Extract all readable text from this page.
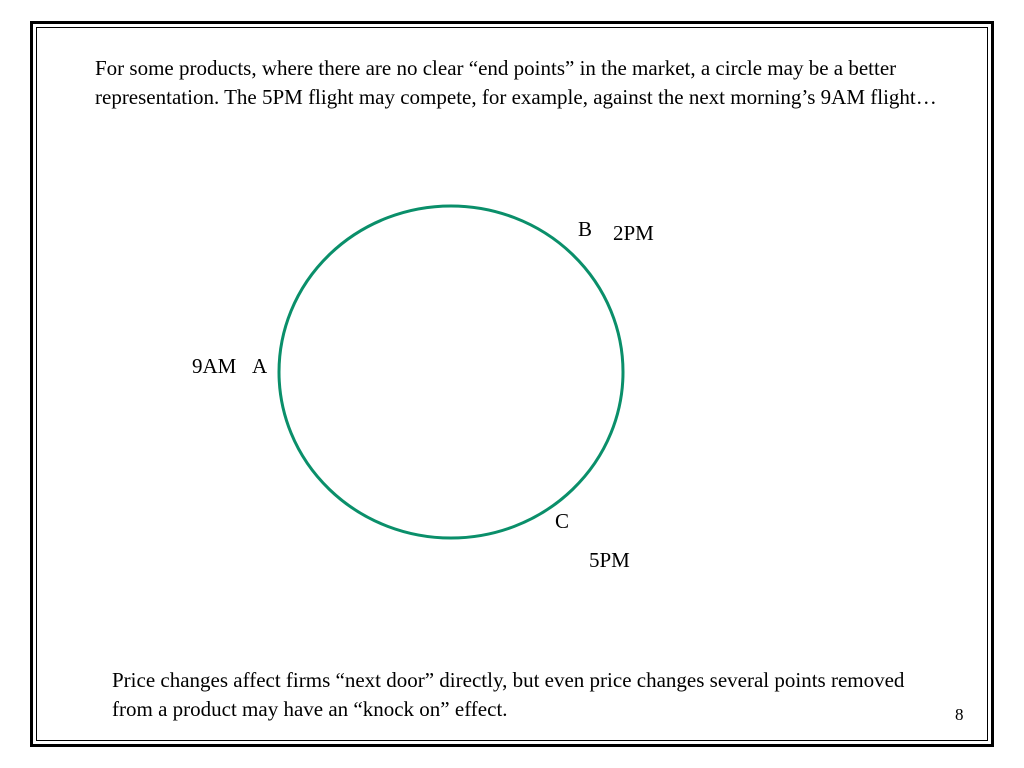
For some products, where there are no clear “end points” in the market, a circle may be a better representation. The 5PM flight may compete, for example, against the next morning’s 9AM flight…
B 2PM
9AM A
C
5PM
Price changes affect firms “next door” directly, but even price changes several points removed from a product may have an “knock on” effect.	8
